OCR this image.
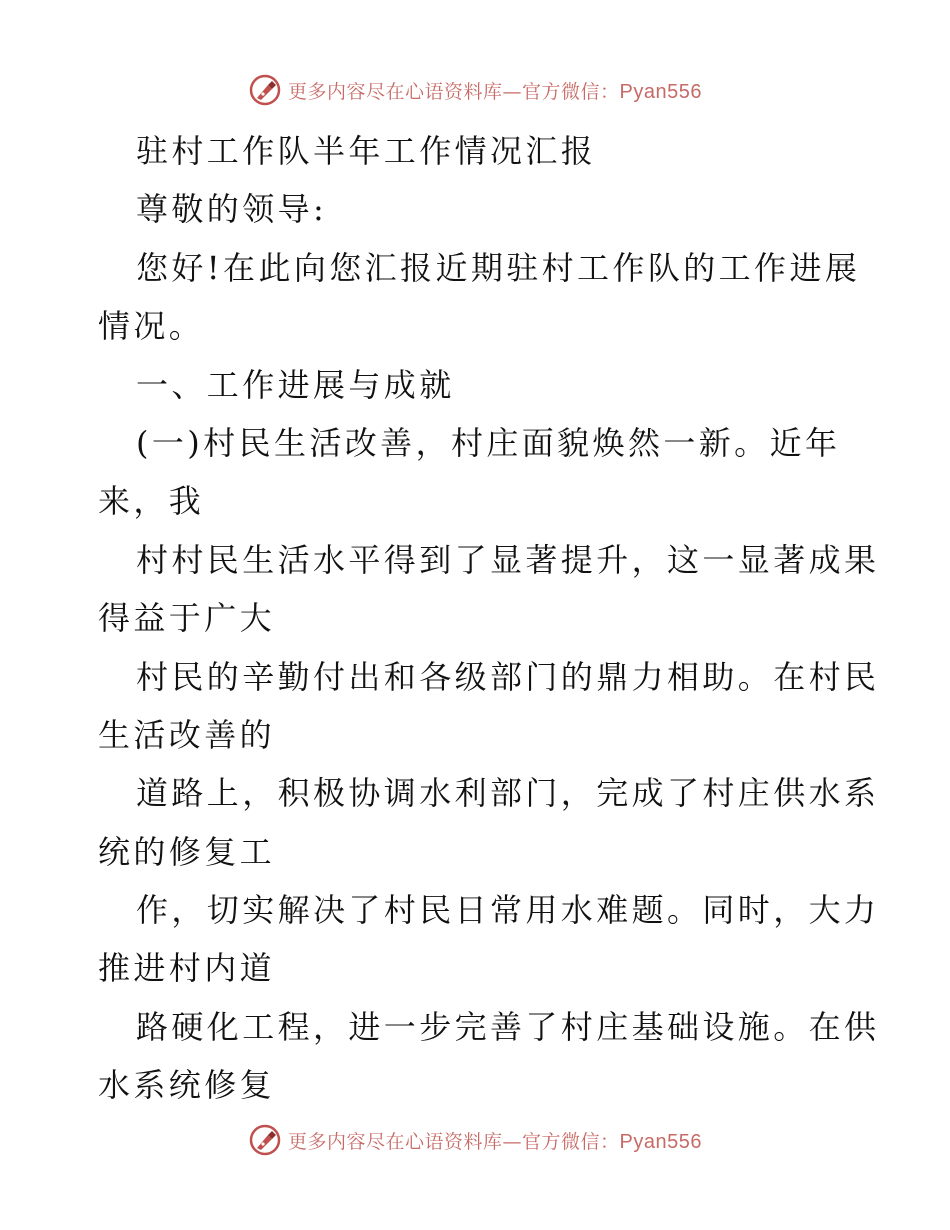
更多内容尽在心语资料库—官方微信：Pyan556
驻村工作队半年工作情况汇报
尊敬的领导:
您好!在此向您汇报近期驻村工作队的工作进展
情况。
一、工作进展与成就
(一)村民生活改善，村庄面貌焕然一新。近年
来，我
村村民生活水平得到了显著提升，这一显著成果
得益于广大
村民的辛勤付出和各级部门的鼎力相助。在村民
生活改善的
道路上，积极协调水利部门，完成了村庄供水系
统的修复工
作，切实解决了村民日常用水难题。同时，大力
推进村内道
路硬化工程，进一步完善了村庄基础设施。在供
水系统修复
更多内容尽在心语资料库—官方微信：Pyan556
